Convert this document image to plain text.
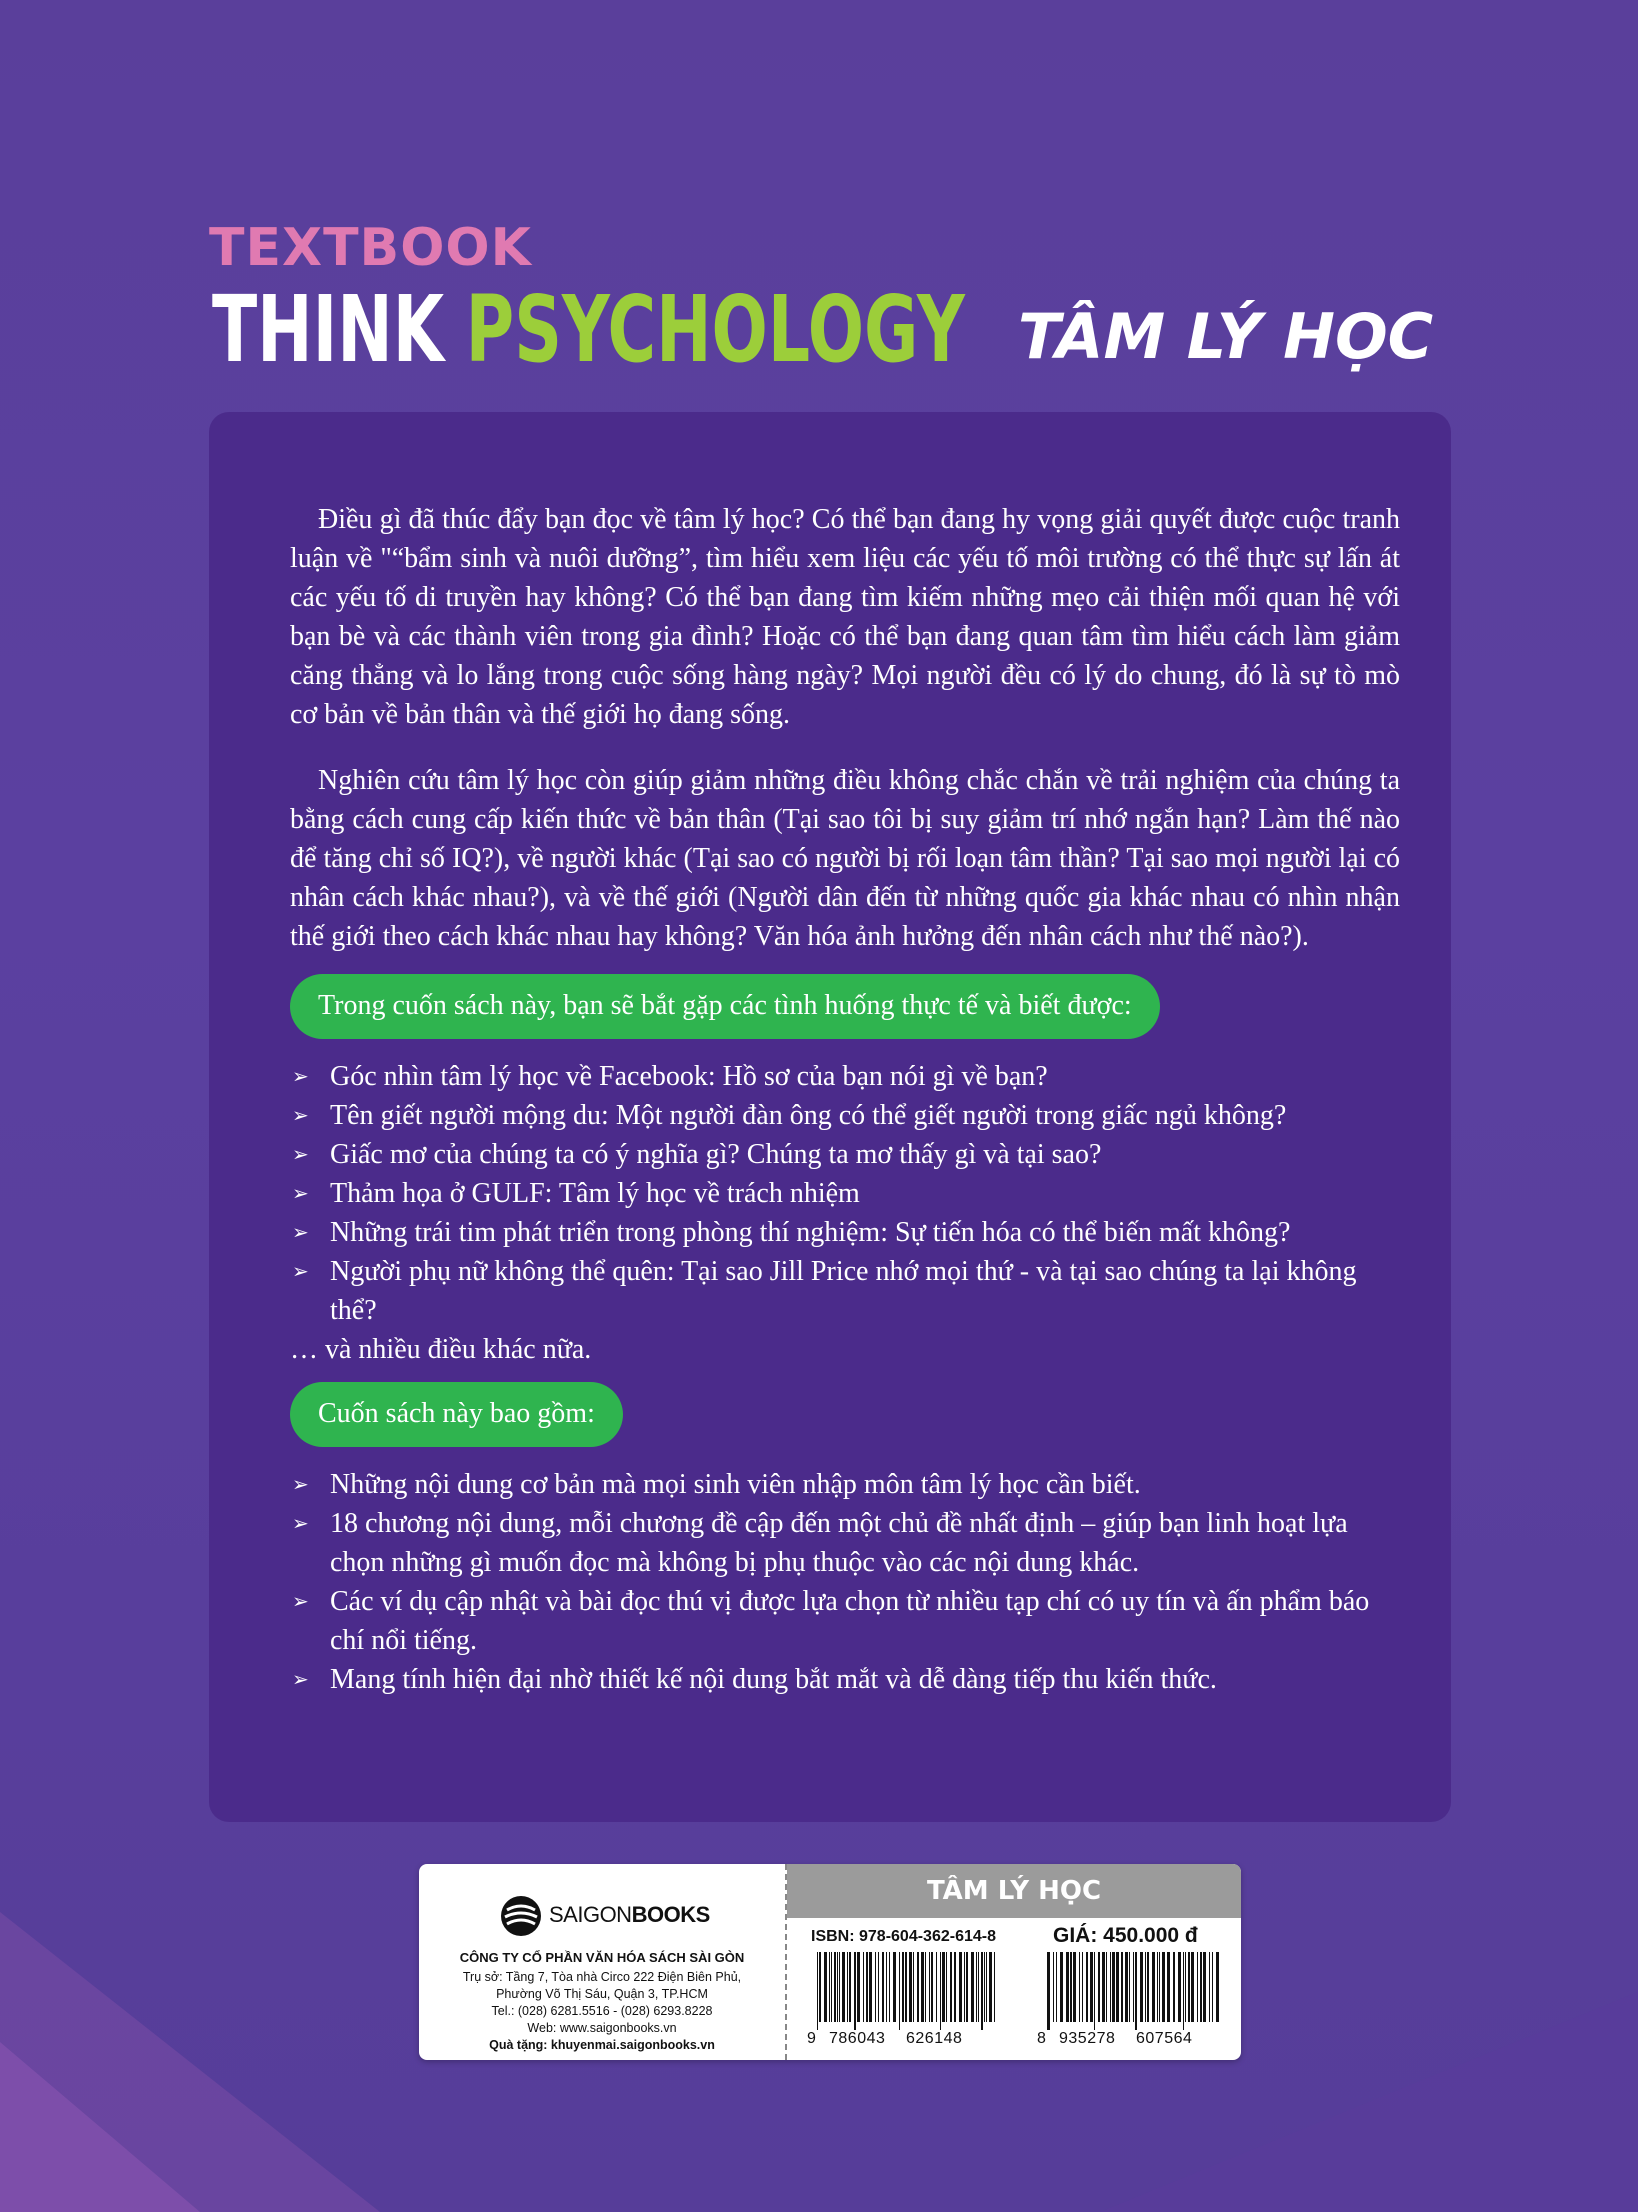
TEXTBOOK
THINK PSYCHOLOGY TÂM LÝ HỌC

Điều gì đã thúc đẩy bạn đọc về tâm lý học? Có thể bạn đang hy vọng giải quyết được cuộc tranh luận về "“bẩm sinh và nuôi dưỡng”, tìm hiểu xem liệu các yếu tố môi trường có thể thực sự lấn át các yếu tố di truyền hay không? Có thể bạn đang tìm kiếm những mẹo cải thiện mối quan hệ với bạn bè và các thành viên trong gia đình? Hoặc có thể bạn đang quan tâm tìm hiểu cách làm giảm căng thẳng và lo lắng trong cuộc sống hàng ngày? Mọi người đều có lý do chung, đó là sự tò mò cơ bản về bản thân và thế giới họ đang sống.

Nghiên cứu tâm lý học còn giúp giảm những điều không chắc chắn về trải nghiệm của chúng ta bằng cách cung cấp kiến thức về bản thân (Tại sao tôi bị suy giảm trí nhớ ngắn hạn? Làm thế nào để tăng chỉ số IQ?), về người khác (Tại sao có người bị rối loạn tâm thần? Tại sao mọi người lại có nhân cách khác nhau?), và về thế giới (Người dân đến từ những quốc gia khác nhau có nhìn nhận thế giới theo cách khác nhau hay không? Văn hóa ảnh hưởng đến nhân cách như thế nào?).

Trong cuốn sách này, bạn sẽ bắt gặp các tình huống thực tế và biết được:
➢ Góc nhìn tâm lý học về Facebook: Hồ sơ của bạn nói gì về bạn?
➢ Tên giết người mộng du: Một người đàn ông có thể giết người trong giấc ngủ không?
➢ Giấc mơ của chúng ta có ý nghĩa gì? Chúng ta mơ thấy gì và tại sao?
➢ Thảm họa ở GULF: Tâm lý học về trách nhiệm
➢ Những trái tim phát triển trong phòng thí nghiệm: Sự tiến hóa có thể biến mất không?
➢ Người phụ nữ không thể quên: Tại sao Jill Price nhớ mọi thứ - và tại sao chúng ta lại không thể?

… và nhiều điều khác nữa.

Cuốn sách này bao gồm:
➢ Những nội dung cơ bản mà mọi sinh viên nhập môn tâm lý học cần biết.
➢ 18 chương nội dung, mỗi chương đề cập đến một chủ đề nhất định – giúp bạn linh hoạt lựa chọn những gì muốn đọc mà không bị phụ thuộc vào các nội dung khác.
➢ Các ví dụ cập nhật và bài đọc thú vị được lựa chọn từ nhiều tạp chí có uy tín và ấn phẩm báo chí nổi tiếng.
➢ Mang tính hiện đại nhờ thiết kế nội dung bắt mắt và dễ dàng tiếp thu kiến thức.
SAIGONBOOKS
CÔNG TY CỔ PHẦN VĂN HÓA SÁCH SÀI GÒN
Trụ sở: Tầng 7, Tòa nhà Circo 222 Điện Biên Phủ,
Phường Võ Thị Sáu, Quận 3, TP.HCM
Tel.: (028) 6281.5516 - (028) 6293.8228
Web: www.saigonbooks.vn
Quà tặng: khuyenmai.saigonbooks.vn
TÂM LÝ HỌC
ISBN: 978-604-362-614-8	GIÁ: 450.000 đ
9 786043 626148	8 935278 607564
